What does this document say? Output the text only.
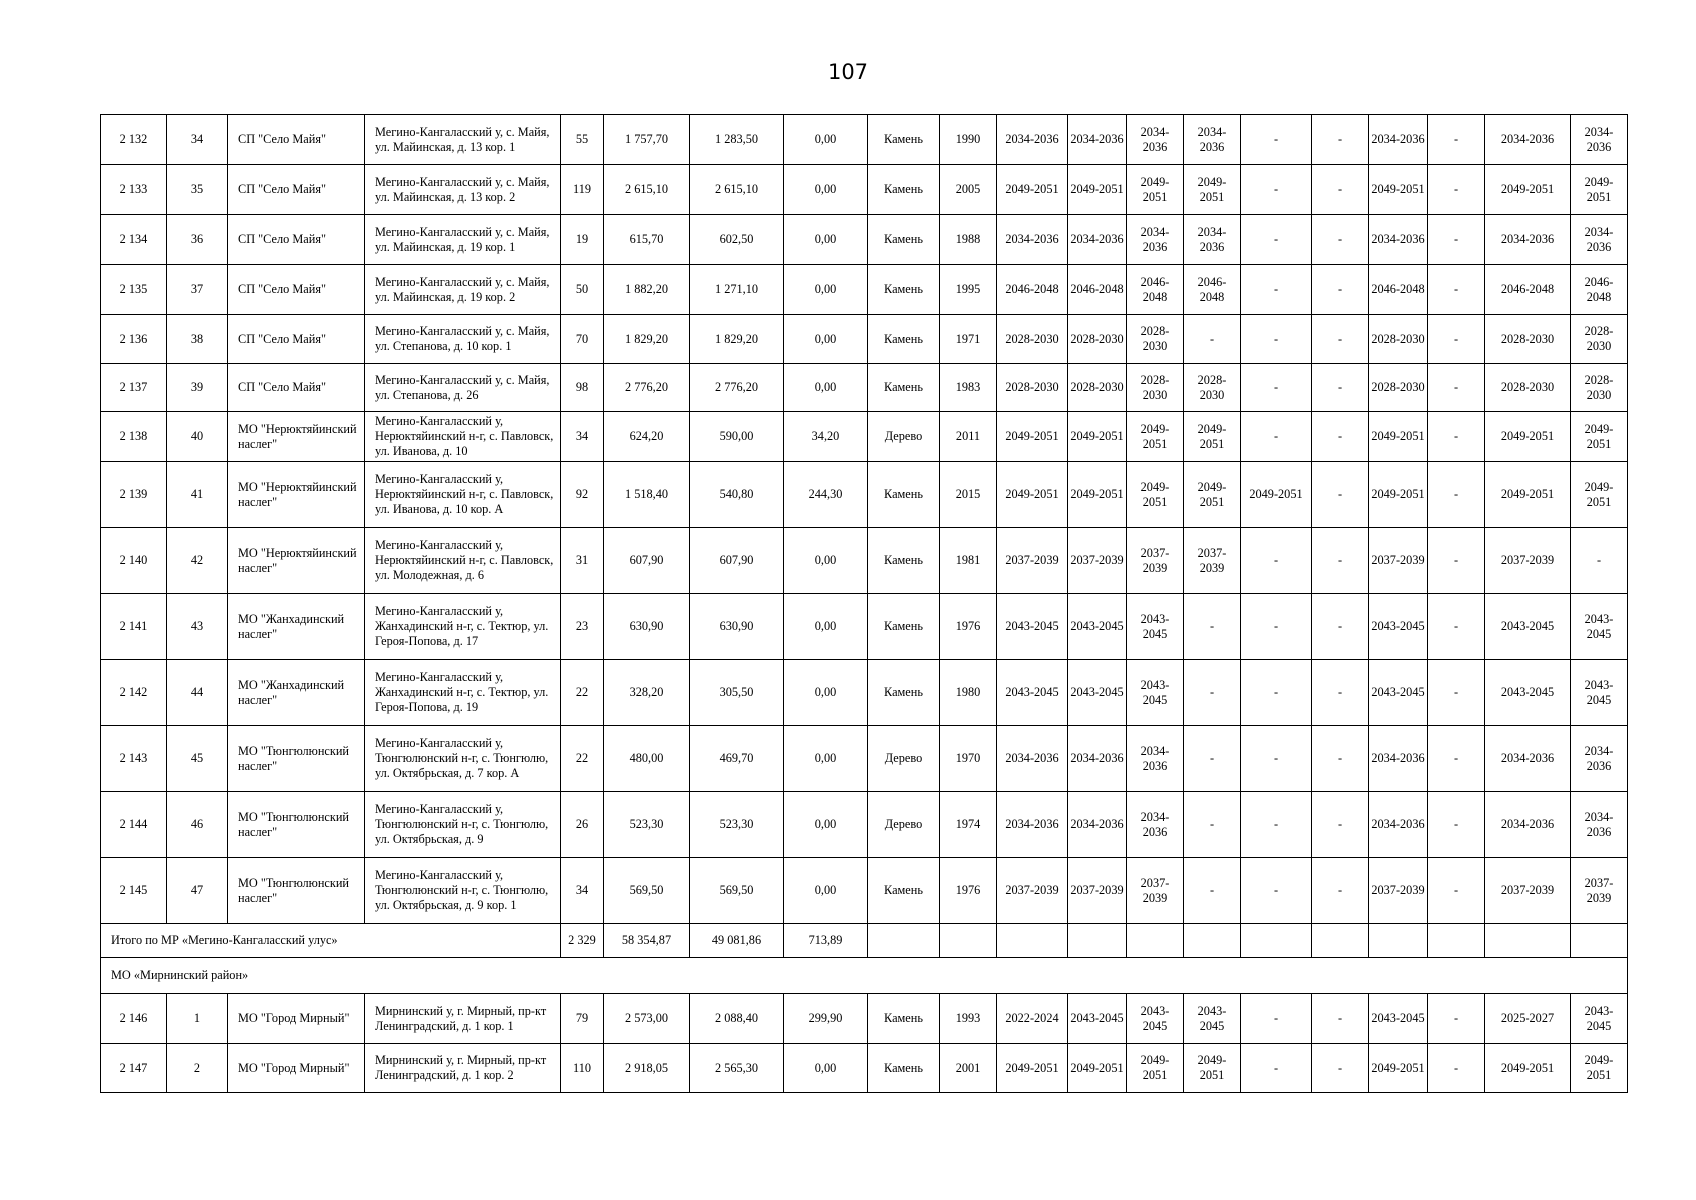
107
2 132	34	СП "Село Майя"	Мегино-Кангаласский у, с. Майя, ул. Майинская, д. 13 кор. 1	55	1 757,70	1 283,50	0,00	Камень	1990	2034-2036	2034-2036	2034-2036	2034-2036	-	-	2034-2036	-	2034-2036	2034-2036
2 133	35	СП "Село Майя"	Мегино-Кангаласский у, с. Майя, ул. Майинская, д. 13 кор. 2	119	2 615,10	2 615,10	0,00	Камень	2005	2049-2051	2049-2051	2049-2051	2049-2051	-	-	2049-2051	-	2049-2051	2049-2051
2 134	36	СП "Село Майя"	Мегино-Кангаласский у, с. Майя, ул. Майинская, д. 19 кор. 1	19	615,70	602,50	0,00	Камень	1988	2034-2036	2034-2036	2034-2036	2034-2036	-	-	2034-2036	-	2034-2036	2034-2036
2 135	37	СП "Село Майя"	Мегино-Кангаласский у, с. Майя, ул. Майинская, д. 19 кор. 2	50	1 882,20	1 271,10	0,00	Камень	1995	2046-2048	2046-2048	2046-2048	2046-2048	-	-	2046-2048	-	2046-2048	2046-2048
2 136	38	СП "Село Майя"	Мегино-Кангаласский у, с. Майя, ул. Степанова, д. 10 кор. 1	70	1 829,20	1 829,20	0,00	Камень	1971	2028-2030	2028-2030	2028-2030	-	-	-	2028-2030	-	2028-2030	2028-2030
2 137	39	СП "Село Майя"	Мегино-Кангаласский у, с. Майя, ул. Степанова, д. 26	98	2 776,20	2 776,20	0,00	Камень	1983	2028-2030	2028-2030	2028-2030	2028-2030	-	-	2028-2030	-	2028-2030	2028-2030
2 138	40	МО "Нерюктяйинский наслег"	Мегино-Кангаласский у, Нерюктяйинский н-г, с. Павловск, ул. Иванова, д. 10	34	624,20	590,00	34,20	Дерево	2011	2049-2051	2049-2051	2049-2051	2049-2051	-	-	2049-2051	-	2049-2051	2049-2051
2 139	41	МО "Нерюктяйинский наслег"	Мегино-Кангаласский у, Нерюктяйинский н-г, с. Павловск, ул. Иванова, д. 10 кор. А	92	1 518,40	540,80	244,30	Камень	2015	2049-2051	2049-2051	2049-2051	2049-2051	2049-2051	-	2049-2051	-	2049-2051	2049-2051
2 140	42	МО "Нерюктяйинский наслег"	Мегино-Кангаласский у, Нерюктяйинский н-г, с. Павловск, ул. Молодежная, д. 6	31	607,90	607,90	0,00	Камень	1981	2037-2039	2037-2039	2037-2039	2037-2039	-	-	2037-2039	-	2037-2039	-
2 141	43	МО "Жанхадинский наслег"	Мегино-Кангаласский у, Жанхадинский н-г, с. Тектюр, ул. Героя-Попова, д. 17	23	630,90	630,90	0,00	Камень	1976	2043-2045	2043-2045	2043-2045	-	-	-	2043-2045	-	2043-2045	2043-2045
2 142	44	МО "Жанхадинский наслег"	Мегино-Кангаласский у, Жанхадинский н-г, с. Тектюр, ул. Героя-Попова, д. 19	22	328,20	305,50	0,00	Камень	1980	2043-2045	2043-2045	2043-2045	-	-	-	2043-2045	-	2043-2045	2043-2045
2 143	45	МО "Тюнгюлюнский наслег"	Мегино-Кангаласский у, Тюнгюлюнский н-г, с. Тюнгюлю, ул. Октябрьская, д. 7 кор. А	22	480,00	469,70	0,00	Дерево	1970	2034-2036	2034-2036	2034-2036	-	-	-	2034-2036	-	2034-2036	2034-2036
2 144	46	МО "Тюнгюлюнский наслег"	Мегино-Кангаласский у, Тюнгюлюнский н-г, с. Тюнгюлю, ул. Октябрьская, д. 9	26	523,30	523,30	0,00	Дерево	1974	2034-2036	2034-2036	2034-2036	-	-	-	2034-2036	-	2034-2036	2034-2036
2 145	47	МО "Тюнгюлюнский наслег"	Мегино-Кангаласский у, Тюнгюлюнский н-г, с. Тюнгюлю, ул. Октябрьская, д. 9 кор. 1	34	569,50	569,50	0,00	Камень	1976	2037-2039	2037-2039	2037-2039	-	-	-	2037-2039	-	2037-2039	2037-2039
Итого по МР «Мегино-Кангаласский улус»				2 329	58 354,87	49 081,86	713,89												
МО «Мирнинский район»																			
2 146	1	МО "Город Мирный"	Мирнинский у, г. Мирный, пр-кт Ленинградский, д. 1 кор. 1	79	2 573,00	2 088,40	299,90	Камень	1993	2022-2024	2043-2045	2043-2045	2043-2045	-	-	2043-2045	-	2025-2027	2043-2045
2 147	2	МО "Город Мирный"	Мирнинский у, г. Мирный, пр-кт Ленинградский, д. 1 кор. 2	110	2 918,05	2 565,30	0,00	Камень	2001	2049-2051	2049-2051	2049-2051	2049-2051	-	-	2049-2051	-	2049-2051	2049-2051
